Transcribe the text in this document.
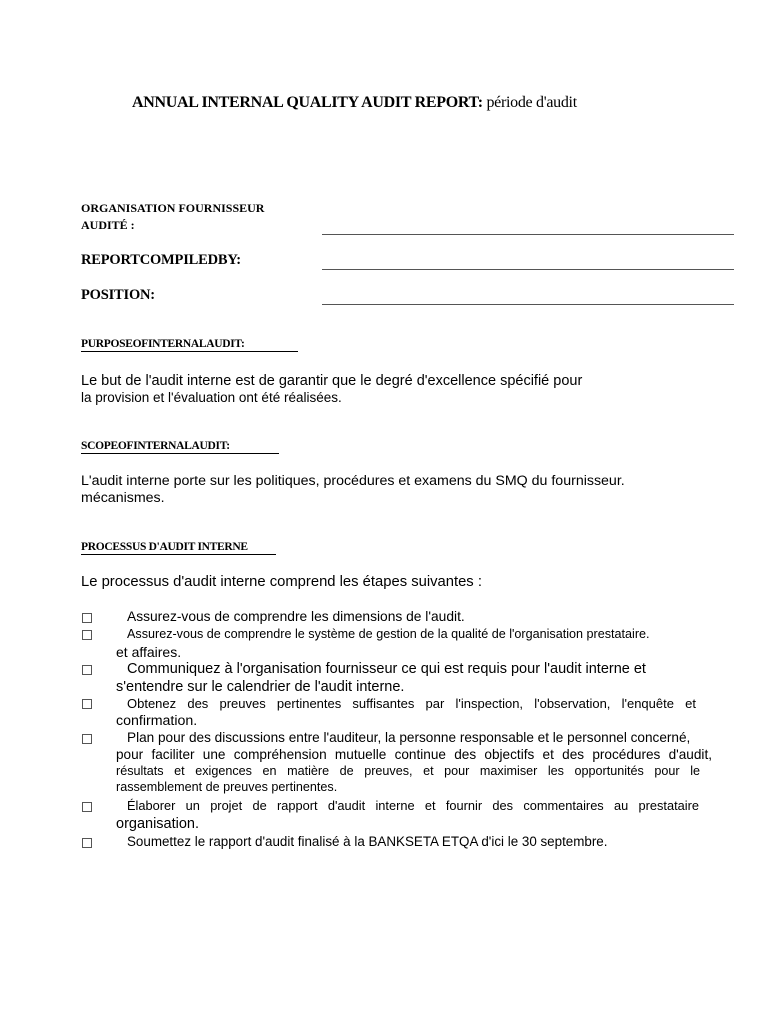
ANNUAL INTERNAL QUALITY AUDIT REPORT: période d'audit
ORGANISATION FOURNISSEUR
AUDITÉ :
REPORTCOMPILEDBY:
POSITION:
PURPOSEOFINTERNALAUDIT:

Le but de l'audit interne est de garantir que le degré d'excellence spécifié pour

la provision et l'évaluation ont été réalisées.

SCOPEOFINTERNALAUDIT:

L'audit interne porte sur les politiques, procédures et examens du SMQ du fournisseur.

mécanismes.

PROCESSUS D'AUDIT INTERNE

Le processus d'audit interne comprend les étapes suivantes :

Assurez-vous de comprendre les dimensions de l'audit.
Assurez-vous de comprendre le système de gestion de la qualité de l'organisation prestataire.
et affaires.
Communiquez à l'organisation fournisseur ce qui est requis pour l'audit interne et
s'entendre sur le calendrier de l'audit interne.
Obtenez des preuves pertinentes suffisantes par l'inspection, l'observation, l'enquête et
confirmation.
Plan pour des discussions entre l'auditeur, la personne responsable et le personnel concerné,
pour faciliter une compréhension mutuelle continue des objectifs et des procédures d'audit,
résultats et exigences en matière de preuves, et pour maximiser les opportunités pour le
rassemblement de preuves pertinentes.
Élaborer un projet de rapport d'audit interne et fournir des commentaires au prestataire
organisation.
Soumettez le rapport d'audit finalisé à la BANKSETA ETQA d'ici le 30 septembre.
